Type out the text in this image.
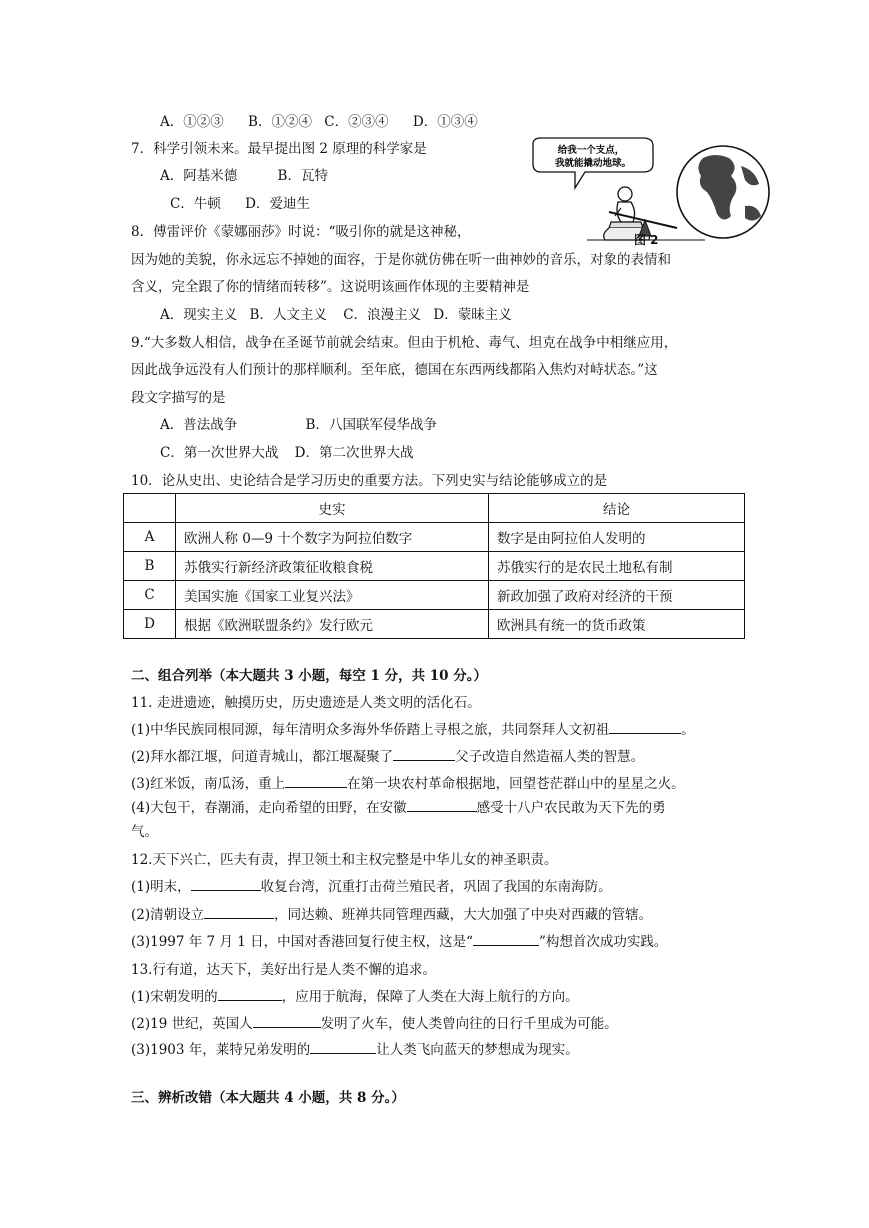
A．①②③ B．①②④ C．②③④ D．①③④
7．科学引领未来。最早提出图 2 原理的科学家是
A．阿基米德	B．瓦特
C．牛顿 D．爱迪生
给我一个支点，
我就能撬动地球。
图 2
8．傅雷评价《蒙娜丽莎》时说：“吸引你的就是这神秘，
因为她的美貌，你永远忘不掉她的面容，于是你就仿佛在听一曲神妙的音乐，对象的表情和
含义，完全跟了你的情绪而转移”。这说明该画作体现的主要精神是
A．现实主义 B．人文主义 C．浪漫主义 D．蒙昧主义
9.“大多数人相信，战争在圣诞节前就会结束。但由于机枪、毒气、坦克在战争中相继应用，
因此战争远没有人们预计的那样顺利。至年底，德国在东西两线都陷入焦灼对峙状态。”这
段文字描写的是
A．普法战争	B．八国联军侵华战争
C．第一次世界大战 D．第二次世界大战
10．论从史出、史论结合是学习历史的重要方法。下列史实与结论能够成立的是
	史实	结论
A	欧洲人称 0—9 十个数字为阿拉伯数字	数字是由阿拉伯人发明的
B	苏俄实行新经济政策征收粮食税	苏俄实行的是农民土地私有制
C	美国实施《国家工业复兴法》	新政加强了政府对经济的干预
D	根据《欧洲联盟条约》发行欧元	欧洲具有统一的货币政策
二、组合列举（本大题共 3 小题，每空 1 分，共 10 分。）
11. 走进遗迹，触摸历史，历史遗迹是人类文明的活化石。
(1)中华民族同根同源，每年清明众多海外华侨踏上寻根之旅，共同祭拜人文初祖	。
(2)拜水都江堰，问道青城山，都江堰凝聚了	父子改造自然造福人类的智慧。
(3)红米饭，南瓜汤，重上	在第一块农村革命根据地，回望苍茫群山中的星星之火。
(4)大包干，春潮涌，走向希望的田野，在安徽	感受十八户农民敢为天下先的勇
气。
12.天下兴亡，匹夫有责，捍卫领土和主权完整是中华儿女的神圣职责。
(1)明末，	收复台湾，沉重打击荷兰殖民者，巩固了我国的东南海防。
(2)清朝设立	，同达赖、班禅共同管理西藏，大大加强了中央对西藏的管辖。
(3)1997 年 7 月 1 日，中国对香港回复行使主权，这是“	”构想首次成功实践。
13.行有道，达天下，美好出行是人类不懈的追求。
(1)宋朝发明的	，应用于航海，保障了人类在大海上航行的方向。
(2)19 世纪，英国人	发明了火车，使人类曾向往的日行千里成为可能。
(3)1903 年，莱特兄弟发明的	让人类飞向蓝天的梦想成为现实。
三、辨析改错（本大题共 4 小题，共 8 分。）
